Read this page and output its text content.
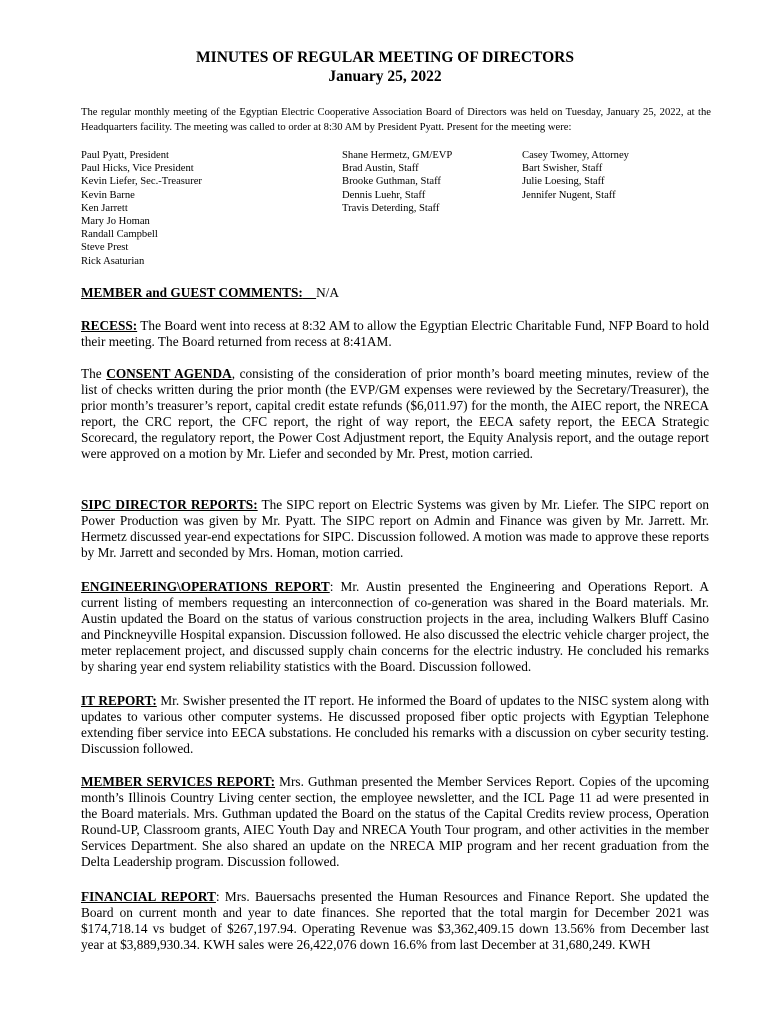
MINUTES OF REGULAR MEETING OF DIRECTORS
January 25, 2022
The regular monthly meeting of the Egyptian Electric Cooperative Association Board of Directors was held on Tuesday, January 25, 2022, at the Headquarters facility. The meeting was called to order at 8:30 AM by President Pyatt. Present for the meeting were:
Paul Pyatt, President
Paul Hicks, Vice President
Kevin Liefer, Sec.-Treasurer
Kevin Barne
Ken Jarrett
Mary Jo Homan
Randall Campbell
Steve Prest
Rick Asaturian
Shane Hermetz, GM/EVP
Brad Austin, Staff
Brooke Guthman, Staff
Dennis Luehr, Staff
Travis Deterding, Staff
Casey Twomey, Attorney
Bart Swisher, Staff
Julie Loesing, Staff
Jennifer Nugent, Staff
MEMBER and GUEST COMMENTS: N/A
RECESS: The Board went into recess at 8:32 AM to allow the Egyptian Electric Charitable Fund, NFP Board to hold their meeting. The Board returned from recess at 8:41AM.
The CONSENT AGENDA, consisting of the consideration of prior month’s board meeting minutes, review of the list of checks written during the prior month (the EVP/GM expenses were reviewed by the Secretary/Treasurer), the prior month’s treasurer’s report, capital credit estate refunds ($6,011.97) for the month, the AIEC report, the NRECA report, the CRC report, the CFC report, the right of way report, the EECA safety report, the EECA Strategic Scorecard, the regulatory report, the Power Cost Adjustment report, the Equity Analysis report, and the outage report were approved on a motion by Mr. Liefer and seconded by Mr. Prest, motion carried.
SIPC DIRECTOR REPORTS: The SIPC report on Electric Systems was given by Mr. Liefer. The SIPC report on Power Production was given by Mr. Pyatt. The SIPC report on Admin and Finance was given by Mr. Jarrett. Mr. Hermetz discussed year-end expectations for SIPC. Discussion followed. A motion was made to approve these reports by Mr. Jarrett and seconded by Mrs. Homan, motion carried.
ENGINEERING\OPERATIONS REPORT: Mr. Austin presented the Engineering and Operations Report. A current listing of members requesting an interconnection of co-generation was shared in the Board materials. Mr. Austin updated the Board on the status of various construction projects in the area, including Walkers Bluff Casino and Pinckneyville Hospital expansion. Discussion followed. He also discussed the electric vehicle charger project, the meter replacement project, and discussed supply chain concerns for the electric industry. He concluded his remarks by sharing year end system reliability statistics with the Board. Discussion followed.
IT REPORT: Mr. Swisher presented the IT report. He informed the Board of updates to the NISC system along with updates to various other computer systems. He discussed proposed fiber optic projects with Egyptian Telephone extending fiber service into EECA substations. He concluded his remarks with a discussion on cyber security testing. Discussion followed.
MEMBER SERVICES REPORT: Mrs. Guthman presented the Member Services Report. Copies of the upcoming month’s Illinois Country Living center section, the employee newsletter, and the ICL Page 11 ad were presented in the Board materials. Mrs. Guthman updated the Board on the status of the Capital Credits review process, Operation Round-UP, Classroom grants, AIEC Youth Day and NRECA Youth Tour program, and other activities in the member Services Department. She also shared an update on the NRECA MIP program and her recent graduation from the Delta Leadership program. Discussion followed.
FINANCIAL REPORT: Mrs. Bauersachs presented the Human Resources and Finance Report. She updated the Board on current month and year to date finances. She reported that the total margin for December 2021 was $174,718.14 vs budget of $267,197.94. Operating Revenue was $3,362,409.15 down 13.56% from December last year at $3,889,930.34. KWH sales were 26,422,076 down 16.6% from last December at 31,680,249. KWH
